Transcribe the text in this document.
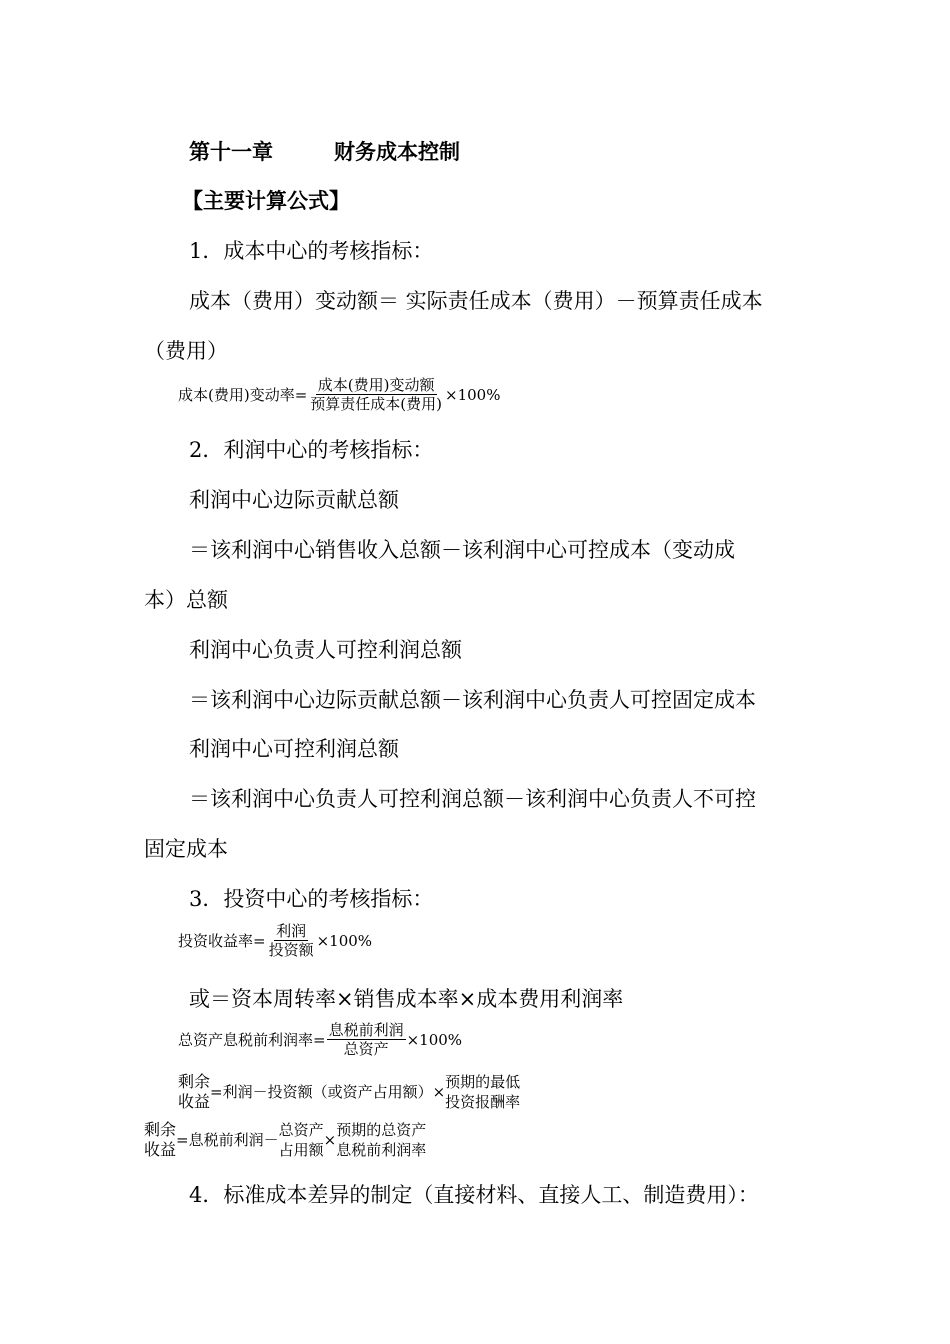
第十一章	财务成本控制
【主要计算公式】
1．成本中心的考核指标：
成本（费用）变动额＝ 实际责任成本（费用）－预算责任成本
（费用）
成本(费用)变动率= $\frac{\text{成本(费用)变动额}}{\text{预算责任成本(费用)}} \times 100\%$
2．利润中心的考核指标：
利润中心边际贡献总额
＝该利润中心销售收入总额－该利润中心可控成本（变动成
本）总额
利润中心负责人可控利润总额
＝该利润中心边际贡献总额－该利润中心负责人可控固定成本
利润中心可控利润总额
＝该利润中心负责人可控利润总额－该利润中心负责人不可控
固定成本
3．投资中心的考核指标：
投资收益率= $\frac{\text{利润}}{\text{投资额}} \times 100\%$
或＝资本周转率×销售成本率×成本费用利润率
总资产息税前利润率= $\frac{\text{息税前利润}}{\text{总资产}} \times 100\%$
剩余
收益 =利润－投资额（或资产占用额）×
预期的最低
投资报酬率
剩余
收益 =息税前利润－
总资产
占用额
×
预期的总资产
息税前利润率
4．标准成本差异的制定（直接材料、直接人工、制造费用）：
